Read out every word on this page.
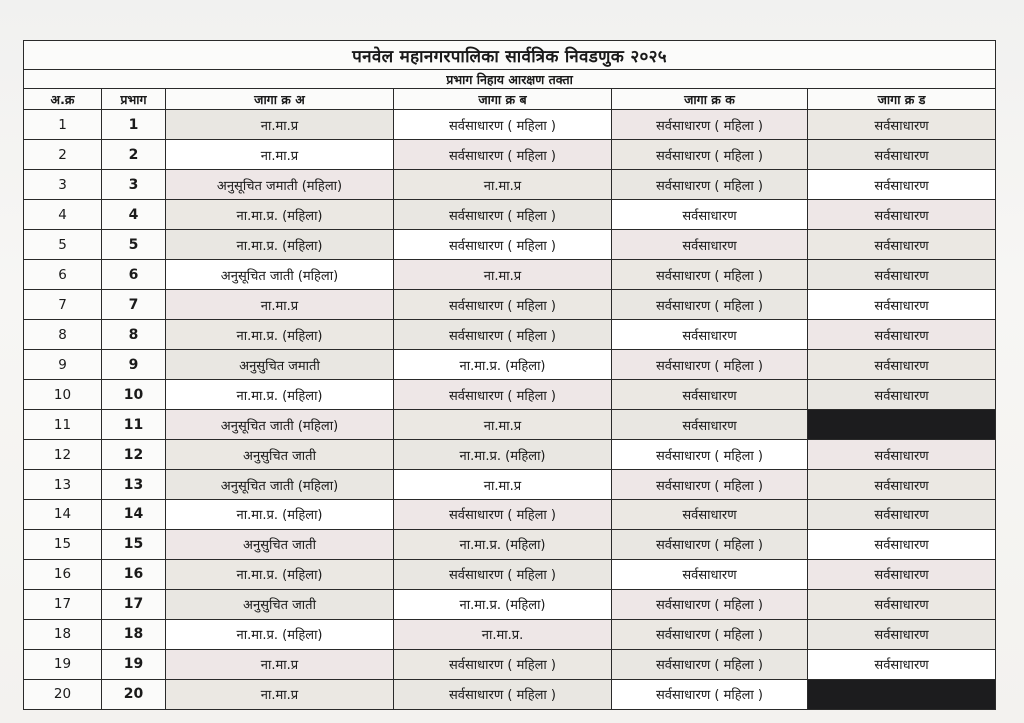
पनवेल महानगरपालिका सार्वत्रिक निवडणुक २०२५					
प्रभाग निहाय आरक्षण तक्ता					
अ.क्र	प्रभाग	जागा क्र अ	जागा क्र ब	जागा क्र क	जागा क्र ड
1	1	ना.मा.प्र	सर्वसाधारण ( महिला )	सर्वसाधारण ( महिला )	सर्वसाधारण
2	2	ना.मा.प्र	सर्वसाधारण ( महिला )	सर्वसाधारण ( महिला )	सर्वसाधारण
3	3	अनुसूचित जमाती (महिला)	ना.मा.प्र	सर्वसाधारण ( महिला )	सर्वसाधारण
4	4	ना.मा.प्र. (महिला)	सर्वसाधारण ( महिला )	सर्वसाधारण	सर्वसाधारण
5	5	ना.मा.प्र. (महिला)	सर्वसाधारण ( महिला )	सर्वसाधारण	सर्वसाधारण
6	6	अनुसूचित जाती (महिला)	ना.मा.प्र	सर्वसाधारण ( महिला )	सर्वसाधारण
7	7	ना.मा.प्र	सर्वसाधारण ( महिला )	सर्वसाधारण ( महिला )	सर्वसाधारण
8	8	ना.मा.प्र. (महिला)	सर्वसाधारण ( महिला )	सर्वसाधारण	सर्वसाधारण
9	9	अनुसुचित जमाती	ना.मा.प्र. (महिला)	सर्वसाधारण ( महिला )	सर्वसाधारण
10	10	ना.मा.प्र. (महिला)	सर्वसाधारण ( महिला )	सर्वसाधारण	सर्वसाधारण
11	11	अनुसूचित जाती (महिला)	ना.मा.प्र	सर्वसाधारण	
12	12	अनुसुचित जाती	ना.मा.प्र. (महिला)	सर्वसाधारण ( महिला )	सर्वसाधारण
13	13	अनुसूचित जाती (महिला)	ना.मा.प्र	सर्वसाधारण ( महिला )	सर्वसाधारण
14	14	ना.मा.प्र. (महिला)	सर्वसाधारण ( महिला )	सर्वसाधारण	सर्वसाधारण
15	15	अनुसुचित जाती	ना.मा.प्र. (महिला)	सर्वसाधारण ( महिला )	सर्वसाधारण
16	16	ना.मा.प्र. (महिला)	सर्वसाधारण ( महिला )	सर्वसाधारण	सर्वसाधारण
17	17	अनुसुचित जाती	ना.मा.प्र. (महिला)	सर्वसाधारण ( महिला )	सर्वसाधारण
18	18	ना.मा.प्र. (महिला)	ना.मा.प्र.	सर्वसाधारण ( महिला )	सर्वसाधारण
19	19	ना.मा.प्र	सर्वसाधारण ( महिला )	सर्वसाधारण ( महिला )	सर्वसाधारण
20	20	ना.मा.प्र	सर्वसाधारण ( महिला )	सर्वसाधारण ( महिला )	
